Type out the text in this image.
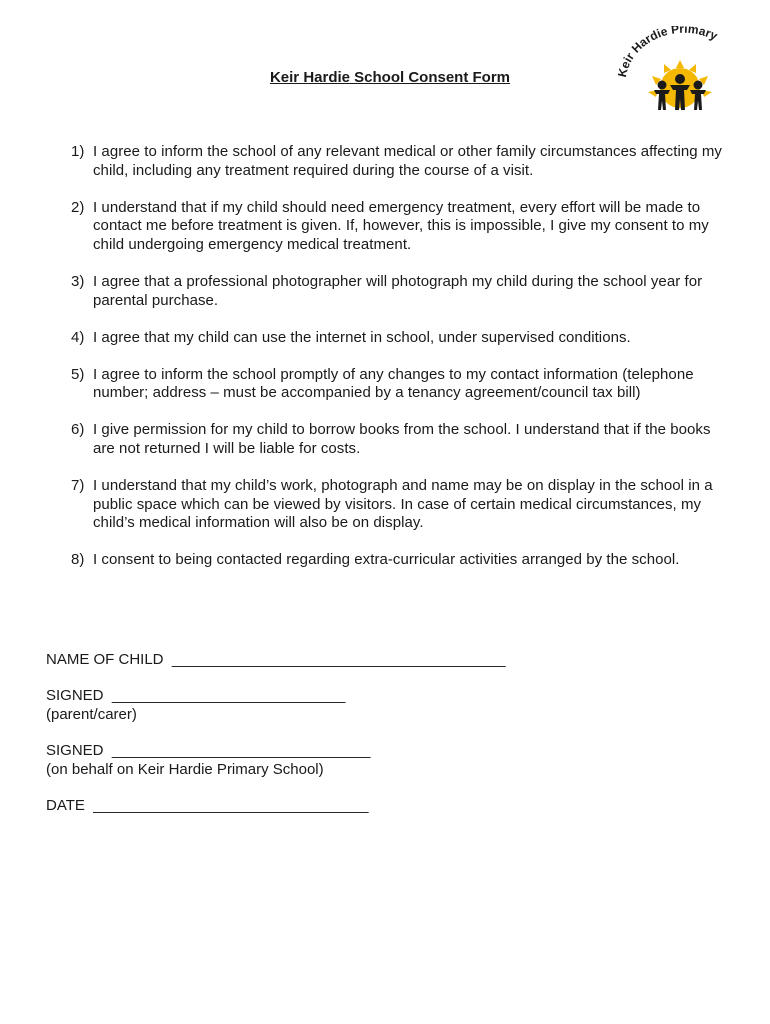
Keir Hardie School Consent Form	Keir Hardie Primary
1) I agree to inform the school of any relevant medical or other family circumstances affecting my child, including any treatment required during the course of a visit.
2) I understand that if my child should need emergency treatment, every effort will be made to contact me before treatment is given. If, however, this is impossible, I give my consent to my child undergoing emergency medical treatment.
3) I agree that a professional photographer will photograph my child during the school year for parental purchase.
4) I agree that my child can use the internet in school, under supervised conditions.
5) I agree to inform the school promptly of any changes to my contact information (telephone number; address – must be accompanied by a tenancy agreement/council tax bill)
6) I give permission for my child to borrow books from the school. I understand that if the books are not returned I will be liable for costs.
7) I understand that my child’s work, photograph and name may be on display in the school in a public space which can be viewed by visitors. In case of certain medical circumstances, my child’s medical information will also be on display.
8) I consent to being contacted regarding extra-curricular activities arranged by the school.
NAME OF CHILD  ________________________________________
SIGNED  ____________________________
(parent/carer)
SIGNED  _______________________________
(on behalf on Keir Hardie Primary School)
DATE  _________________________________
